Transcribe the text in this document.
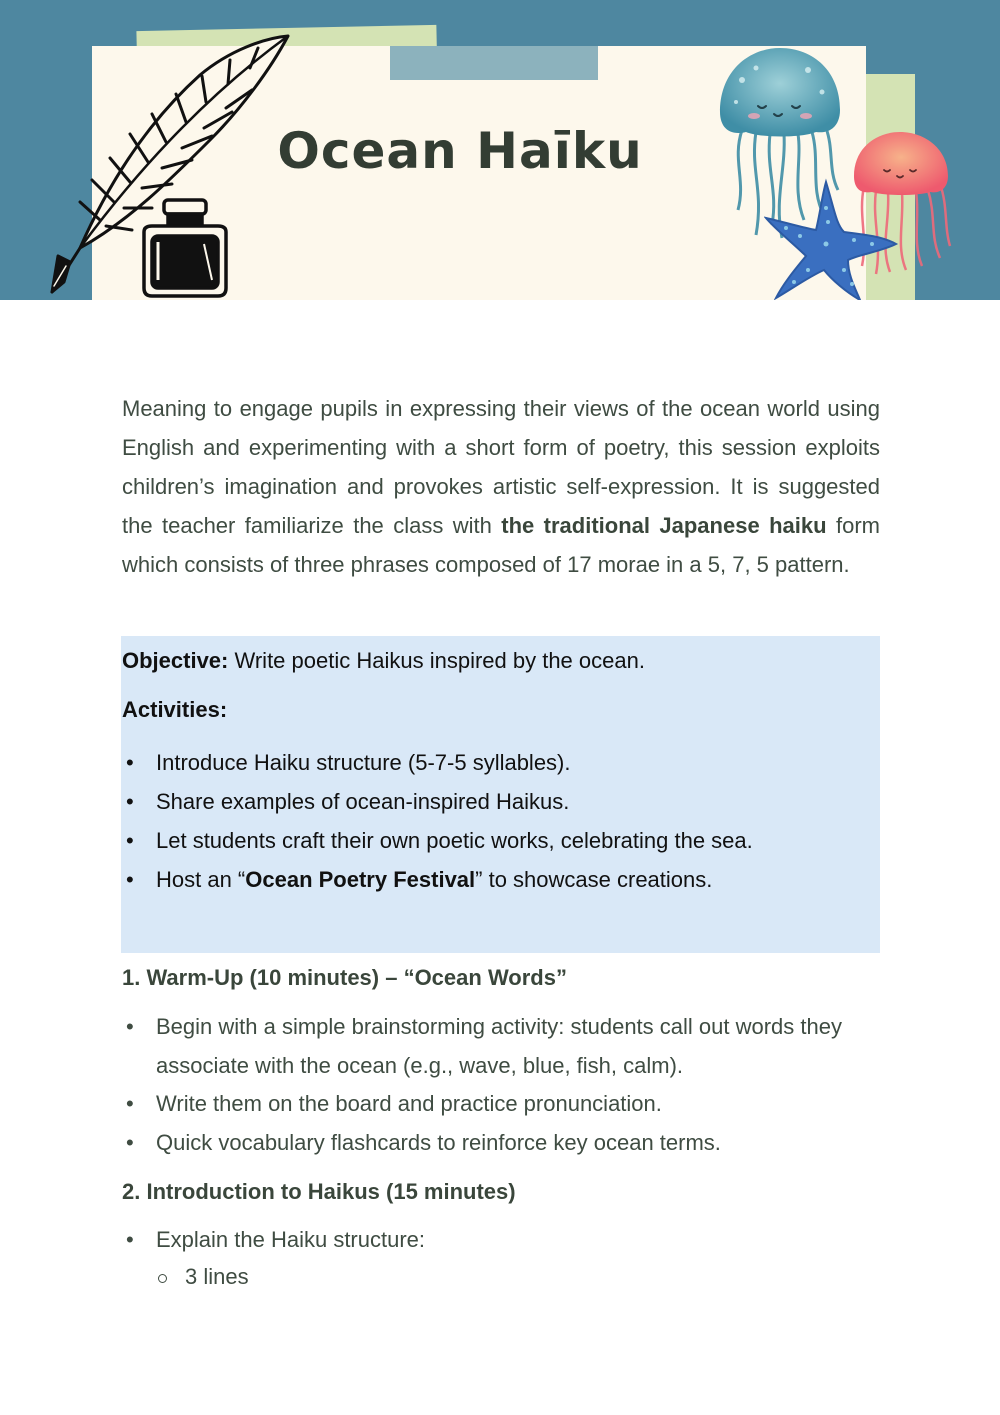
Ocean Haīku

Meaning to engage pupils in expressing their views of the ocean world using English and experimenting with a short form of poetry, this session exploits children’s imagination and provokes artistic self-expression. It is suggested the teacher familiarize the class with the traditional Japanese haiku form which consists of three phrases composed of 17 morae in a 5, 7, 5 pattern.

Objective: Write poetic Haikus inspired by the ocean.
Activities:
• Introduce Haiku structure (5-7-5 syllables).
• Share examples of ocean-inspired Haikus.
• Let students craft their own poetic works, celebrating the sea.
• Host an “Ocean Poetry Festival” to showcase creations.
1. Warm-Up (10 minutes) – “Ocean Words”
• Begin with a simple brainstorming activity: students call out words they associate with the ocean (e.g., wave, blue, fish, calm).
• Write them on the board and practice pronunciation.
• Quick vocabulary flashcards to reinforce key ocean terms.
2. Introduction to Haikus (15 minutes)
• Explain the Haiku structure:
3 lines
